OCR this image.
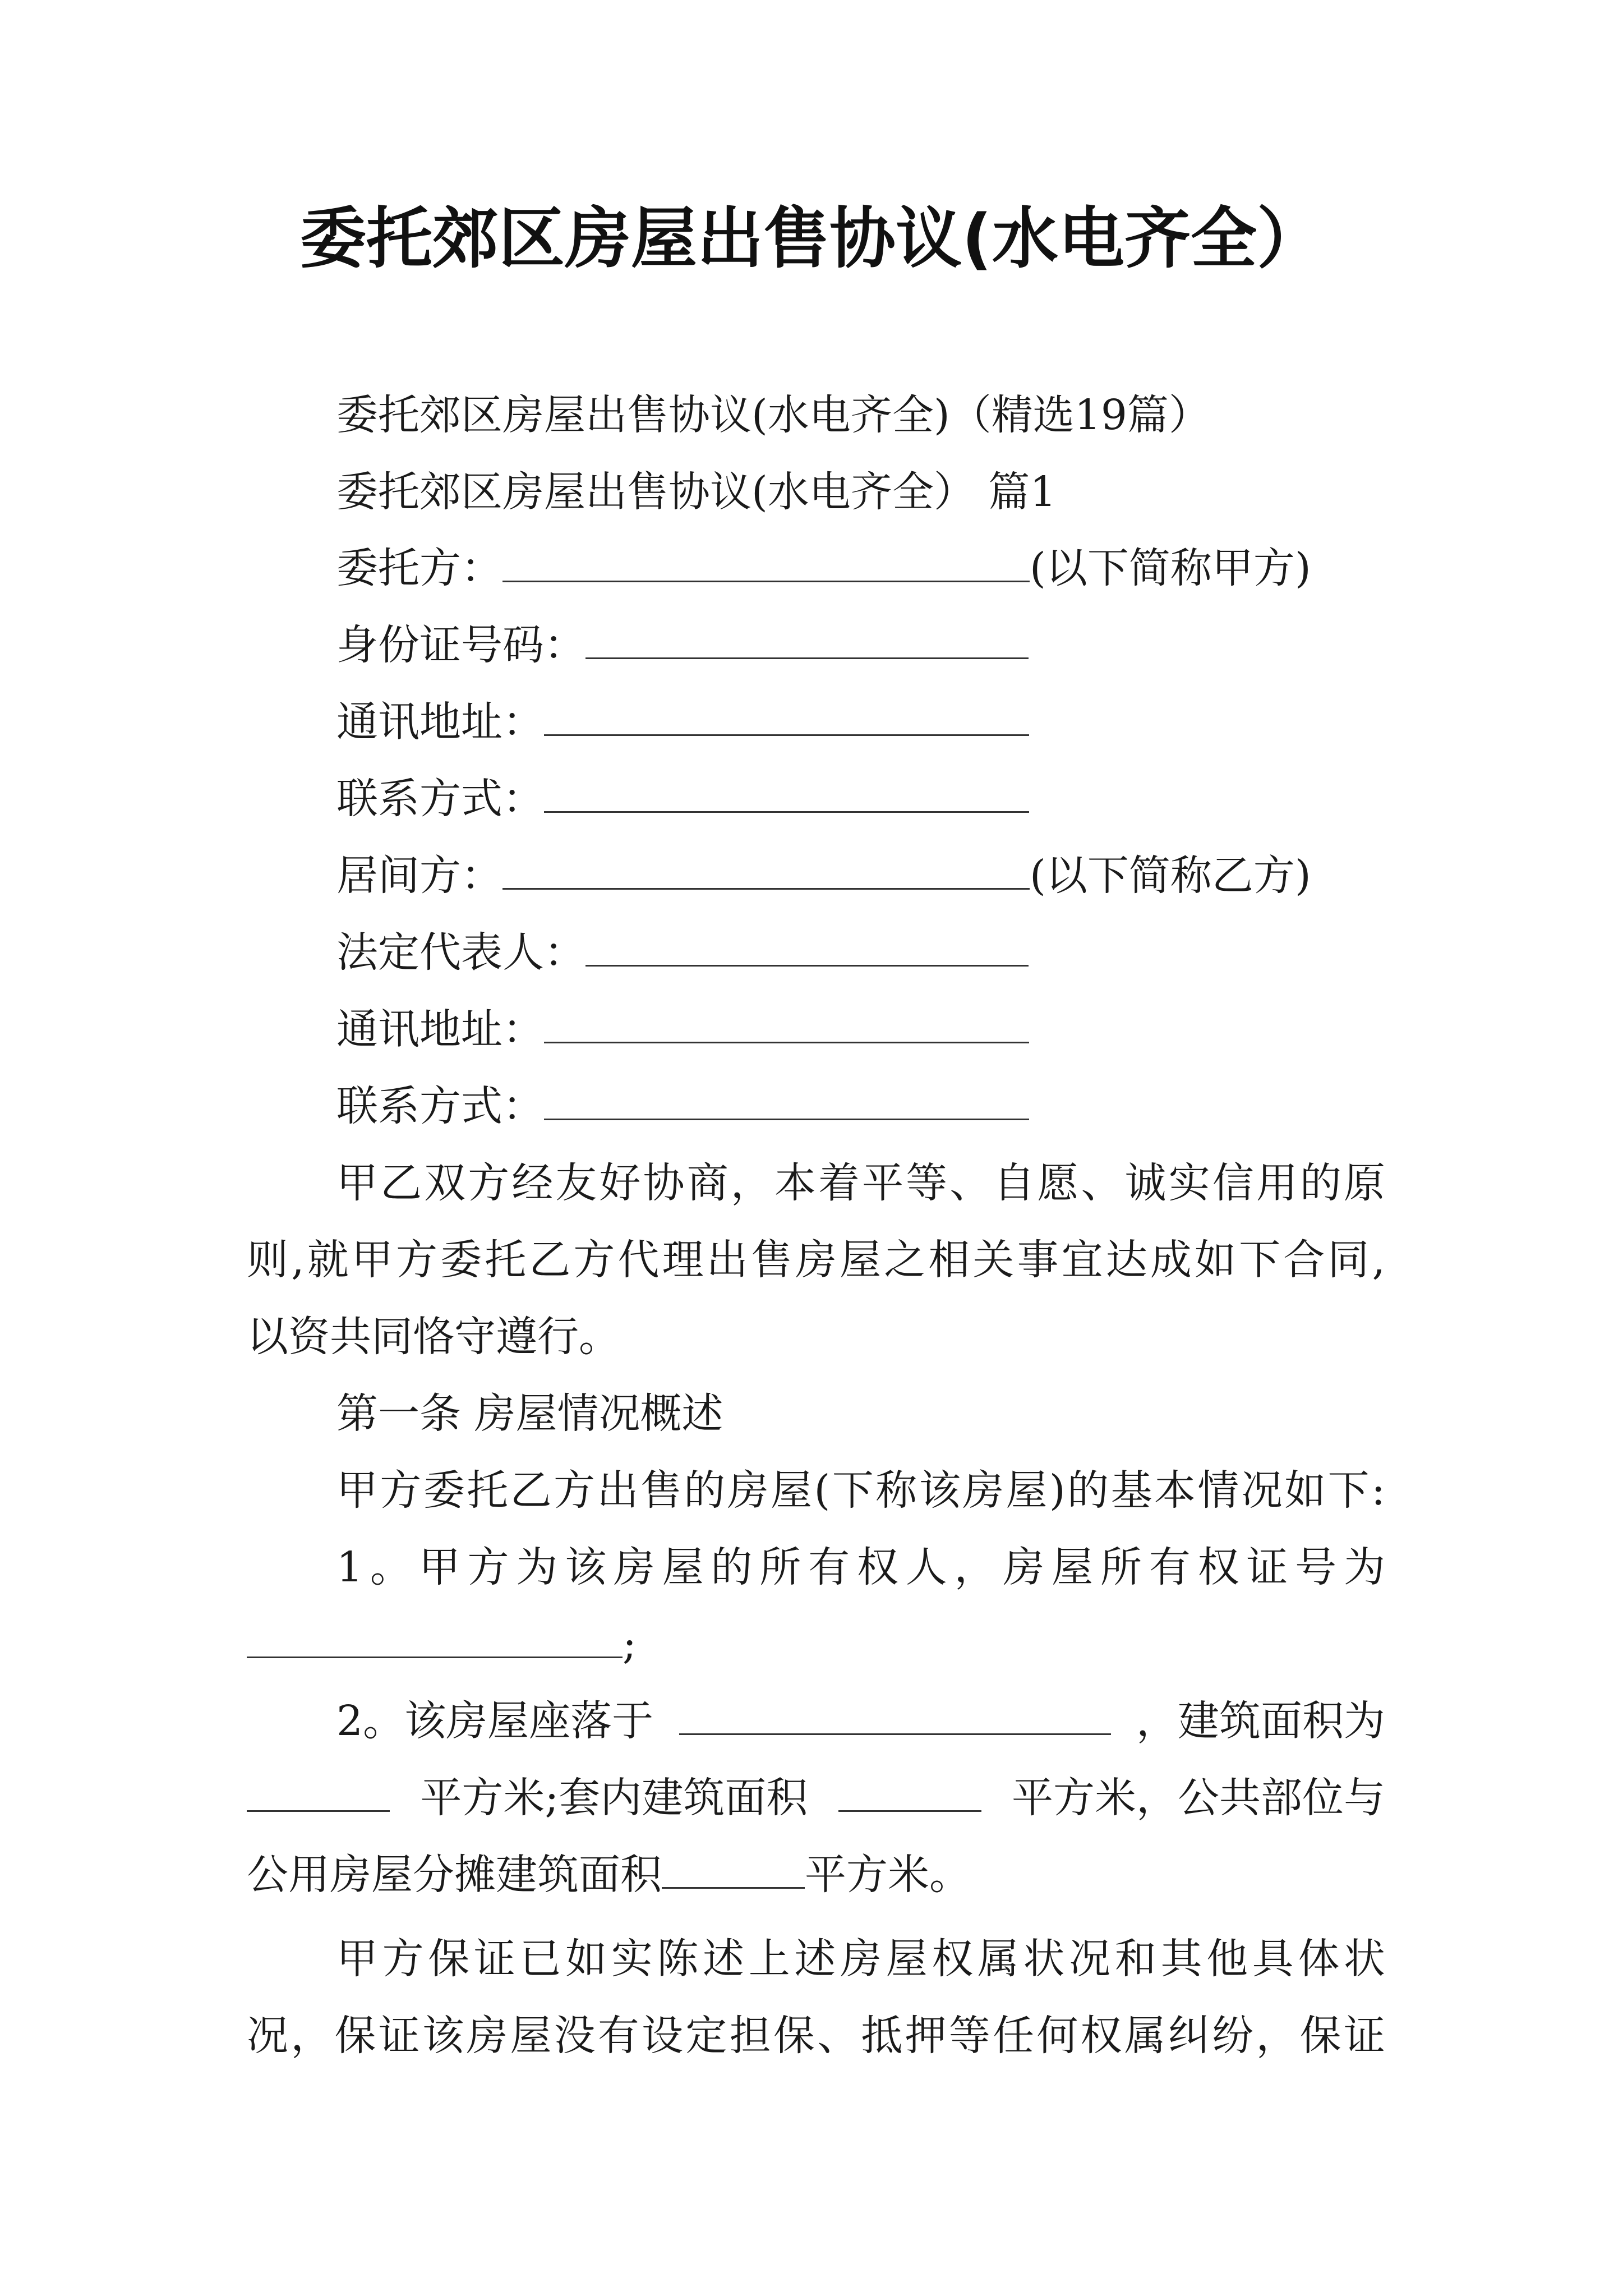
委托郊区房屋出售协议(水电齐全）
委托郊区房屋出售协议(水电齐全)（精选19篇）
委托郊区房屋出售协议(水电齐全） 篇1
委托方：	(以下简称甲方)
身份证号码：
通讯地址：
联系方式：
居间方：	(以下简称乙方)
法定代表人：
通讯地址：
联系方式：
甲乙双方经友好协商，本着平等、自愿、诚实信用的原
则,就甲方委托乙方代理出售房屋之相关事宜达成如下合同,
以资共同恪守遵行。
第一条 房屋情况概述
甲方委托乙方出售的房屋(下称该房屋)的基本情况如下:
1。甲方为该房屋的所有权人，房屋所有权证号为
;
2。该房屋座落于	，建筑面积为
平方米;套内建筑面积	平方米，公共部位与
公用房屋分摊建筑面积	平方米。
甲方保证已如实陈述上述房屋权属状况和其他具体状
况，保证该房屋没有设定担保、抵押等任何权属纠纷，保证
